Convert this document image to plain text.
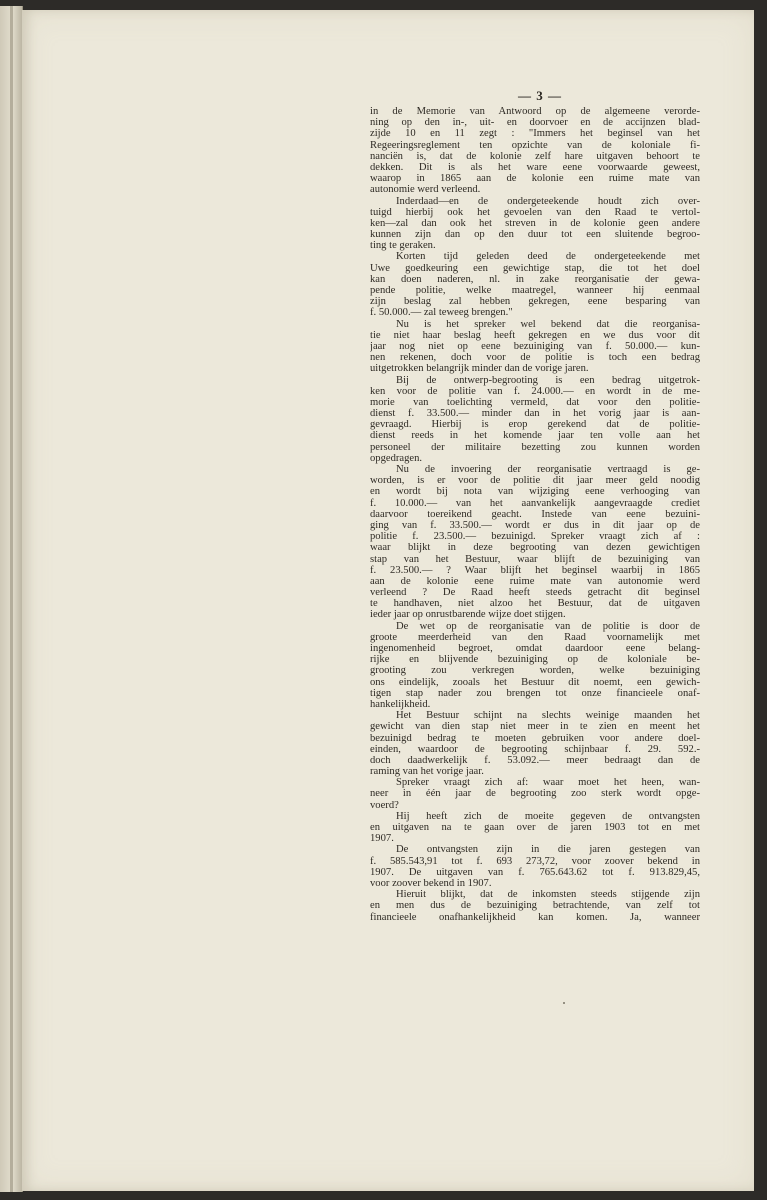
— 3 —
in de Memorie van Antwoord op de algemeene verorde-
ning op den in-, uit- en doorvoer en de accijnzen blad-
zijde 10 en 11 zegt : "Immers het beginsel van het
Regeeringsreglement ten opzichte van de koloniale fi-
nanciën is, dat de kolonie zelf hare uitgaven behoort te
dekken. Dit is als het ware eene voorwaarde geweest,
waarop in 1865 aan de kolonie een ruime mate van
autonomie werd verleend.
Inderdaad—en de ondergeteekende houdt zich over-
tuigd hierbij ook het gevoelen van den Raad te vertol-
ken—zal dan ook het streven in de kolonie geen andere
kunnen zijn dan op den duur tot een sluitende begroo-
ting te geraken.
Korten tijd geleden deed de ondergeteekende met
Uwe goedkeuring een gewichtige stap, die tot het doel
kan doen naderen, nl. in zake reorganisatie der gewa-
pende politie, welke maatregel, wanneer hij eenmaal
zijn beslag zal hebben gekregen, eene besparing van
f. 50.000.— zal teweeg brengen."
Nu is het spreker wel bekend dat die reorganisa-
tie niet haar beslag heeft gekregen en we dus voor dit
jaar nog niet op eene bezuiniging van f. 50.000.— kun-
nen rekenen, doch voor de politie is toch een bedrag
uitgetrokken belangrijk minder dan de vorige jaren.
Bij de ontwerp-begrooting is een bedrag uitgetrok-
ken voor de politie van f. 24.000.— en wordt in de me-
morie van toelichting vermeld, dat voor den politie-
dienst f. 33.500.— minder dan in het vorig jaar is aan-
gevraagd. Hierbij is erop gerekend dat de politie-
dienst reeds in het komende jaar ten volle aan het
personeel der militaire bezetting zou kunnen worden
opgedragen.
Nu de invoering der reorganisatie vertraagd is ge-
worden, is er voor de politie dit jaar meer geld noodig
en wordt bij nota van wijziging eene verhooging van
f. 10.000.— van het aanvankelijk aangevraagde crediet
daarvoor toereikend geacht. Instede van eene bezuini-
ging van f. 33.500.— wordt er dus in dit jaar op de
politie f. 23.500.— bezuinigd. Spreker vraagt zich af :
waar blijkt in deze begrooting van dezen gewichtigen
stap van het Bestuur, waar blijft de bezuiniging van
f. 23.500.— ? Waar blijft het beginsel waarbij in 1865
aan de kolonie eene ruime mate van autonomie werd
verleend ? De Raad heeft steeds getracht dit beginsel
te handhaven, niet alzoo het Bestuur, dat de uitgaven
ieder jaar op onrustbarende wijze doet stijgen.
De wet op de reorganisatie van de politie is door de
groote meerderheid van den Raad voornamelijk met
ingenomenheid begroet, omdat daardoor eene belang-
rijke en blijvende bezuiniging op de koloniale be-
grooting zou verkregen worden, welke bezuiniging
ons eindelijk, zooals het Bestuur dit noemt, een gewich-
tigen stap nader zou brengen tot onze financieele onaf-
hankelijkheid.
Het Bestuur schijnt na slechts weinige maanden het
gewicht van dien stap niet meer in te zien en meent het
bezuinigd bedrag te moeten gebruiken voor andere doel-
einden, waardoor de begrooting schijnbaar f. 29. 592.-
doch daadwerkelijk f. 53.092.— meer bedraagt dan de
raming van het vorige jaar.
Spreker vraagt zich af: waar moet het heen, wan-
neer in één jaar de begrooting zoo sterk wordt opge-
voerd?
Hij heeft zich de moeite gegeven de ontvangsten
en uitgaven na te gaan over de jaren 1903 tot en met
1907.
De ontvangsten zijn in die jaren gestegen van
f. 585.543,91 tot f. 693 273,72, voor zoover bekend in
1907. De uitgaven van f. 765.643.62 tot f. 913.829,45,
voor zoover bekend in 1907.
Hieruit blijkt, dat de inkomsten steeds stijgende zijn
en men dus de bezuiniging betrachtende, van zelf tot
financieele onafhankelijkheid kan komen. Ja, wanneer
